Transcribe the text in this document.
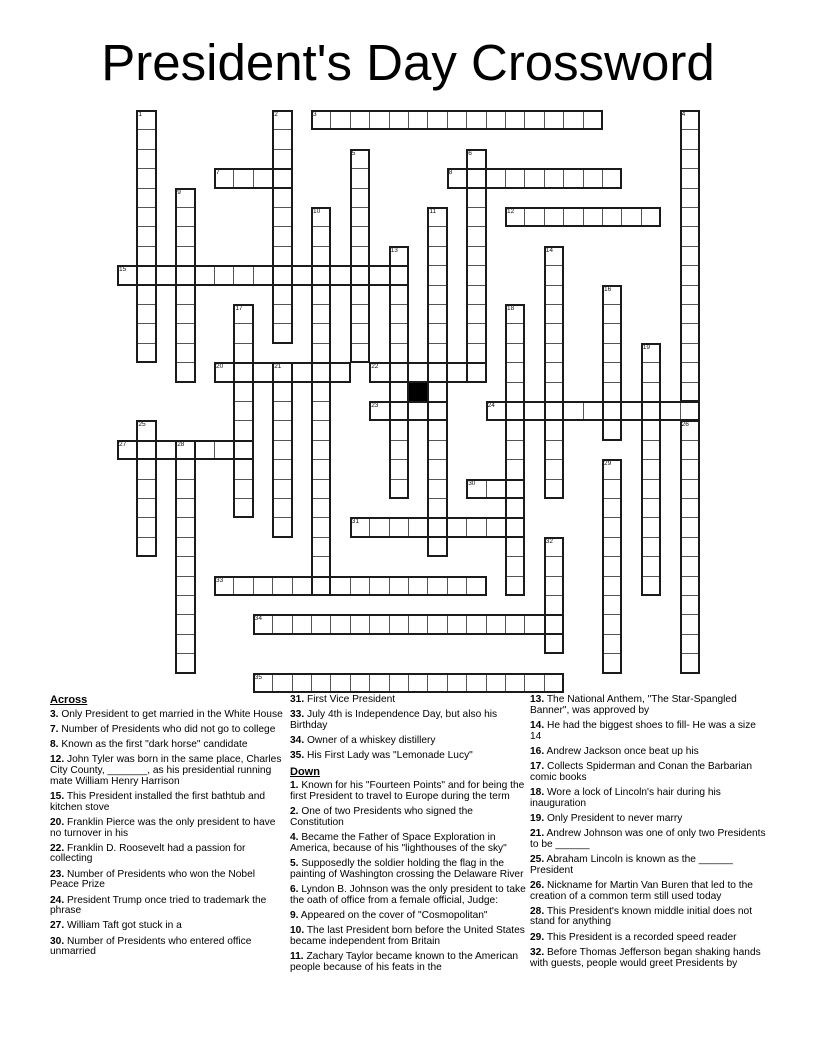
President's Day Crossword
1	2	3	4
5	6
7	8
9
10	11	12
13	14
15
16
17	18
19
20	21	22
23	24
25	26
27	28
29
30
31
32
33
34
35
Across

3. Only President to get married in the White House

7. Number of Presidents who did not go to college

8. Known as the first "dark horse" candidate

12. John Tyler was born in the same place, Charles City County, _______, as his presidential running mate William Henry Harrison

15. This President installed the first bathtub and kitchen stove

20. Franklin Pierce was the only president to have no turnover in his

22. Franklin D. Roosevelt had a passion for collecting

23. Number of Presidents who won the Nobel Peace Prize

24. President Trump once tried to trademark the phrase

27. William Taft got stuck in a

30. Number of Presidents who entered office unmarried

31. First Vice President

33. July 4th is Independence Day, but also his Birthday

34. Owner of a whiskey distillery

35. His First Lady was "Lemonade Lucy"

Down

1. Known for his "Fourteen Points" and for being the first President to travel to Europe during the term

2. One of two Presidents who signed the Constitution

4. Became the Father of Space Exploration in America, because of his "lighthouses of the sky"

5. Supposedly the soldier holding the flag in the painting of Washington crossing the Delaware River

6. Lyndon B. Johnson was the only president to take the oath of office from a female official, Judge:

9. Appeared on the cover of "Cosmopolitan"

10. The last President born before the United States became independent from Britain

11. Zachary Taylor became known to the American people because of his feats in the

13. The National Anthem, "The Star-Spangled Banner", was approved by

14. He had the biggest shoes to fill- He was a size 14

16. Andrew Jackson once beat up his

17. Collects Spiderman and Conan the Barbarian comic books

18. Wore a lock of Lincoln's hair during his inauguration

19. Only President to never marry

21. Andrew Johnson was one of only two Presidents to be ______

25. Abraham Lincoln is known as the ______ President

26. Nickname for Martin Van Buren that led to the creation of a common term still used today

28. This President's known middle initial does not stand for anything

29. This President is a recorded speed reader

32. Before Thomas Jefferson began shaking hands with guests, people would greet Presidents by
